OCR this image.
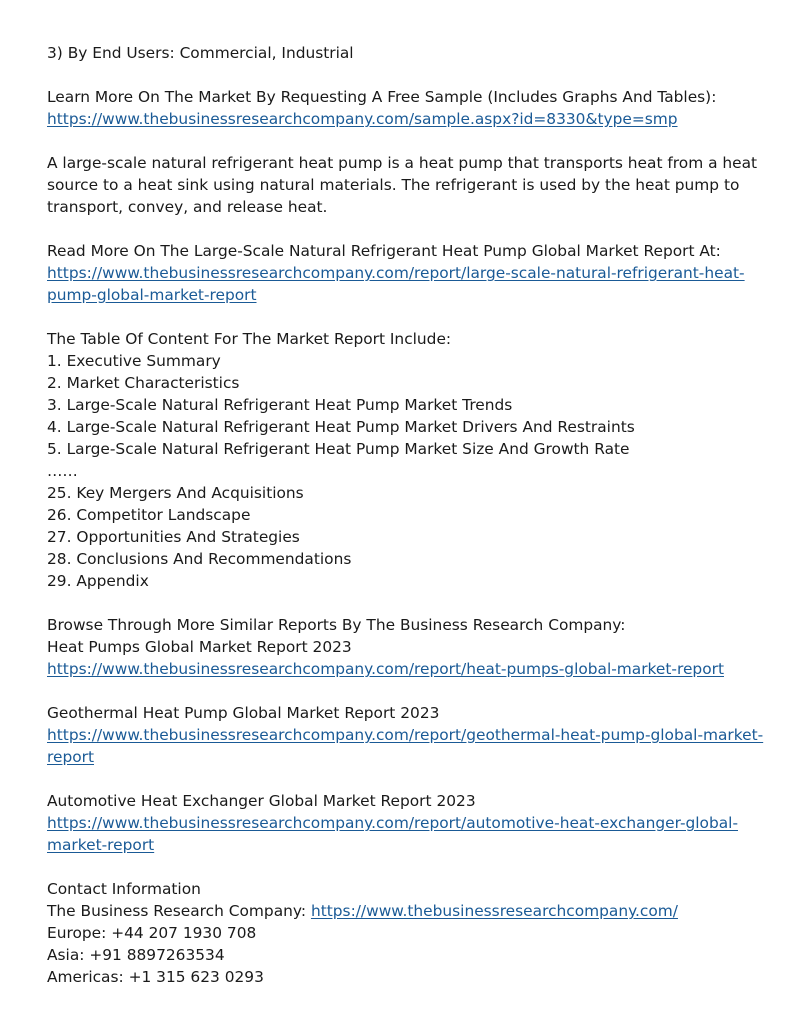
3) By End Users: Commercial, Industrial
Learn More On The Market By Requesting A Free Sample (Includes Graphs And Tables):
https://www.thebusinessresearchcompany.com/sample.aspx?id=8330&type=smp
A large-scale natural refrigerant heat pump is a heat pump that transports heat from a heat
source to a heat sink using natural materials. The refrigerant is used by the heat pump to
transport, convey, and release heat.
Read More On The Large-Scale Natural Refrigerant Heat Pump Global Market Report At:
https://www.thebusinessresearchcompany.com/report/large-scale-natural-refrigerant-heat-
pump-global-market-report
The Table Of Content For The Market Report Include:
1. Executive Summary
2. Market Characteristics
3. Large-Scale Natural Refrigerant Heat Pump Market Trends
4. Large-Scale Natural Refrigerant Heat Pump Market Drivers And Restraints
5. Large-Scale Natural Refrigerant Heat Pump Market Size And Growth Rate
……
25. Key Mergers And Acquisitions
26. Competitor Landscape
27. Opportunities And Strategies
28. Conclusions And Recommendations
29. Appendix
Browse Through More Similar Reports By The Business Research Company:
Heat Pumps Global Market Report 2023
https://www.thebusinessresearchcompany.com/report/heat-pumps-global-market-report
Geothermal Heat Pump Global Market Report 2023
https://www.thebusinessresearchcompany.com/report/geothermal-heat-pump-global-market-
report
Automotive Heat Exchanger Global Market Report 2023
https://www.thebusinessresearchcompany.com/report/automotive-heat-exchanger-global-
market-report
Contact Information
The Business Research Company: https://www.thebusinessresearchcompany.com/
Europe: +44 207 1930 708
Asia: +91 8897263534
Americas: +1 315 623 0293
